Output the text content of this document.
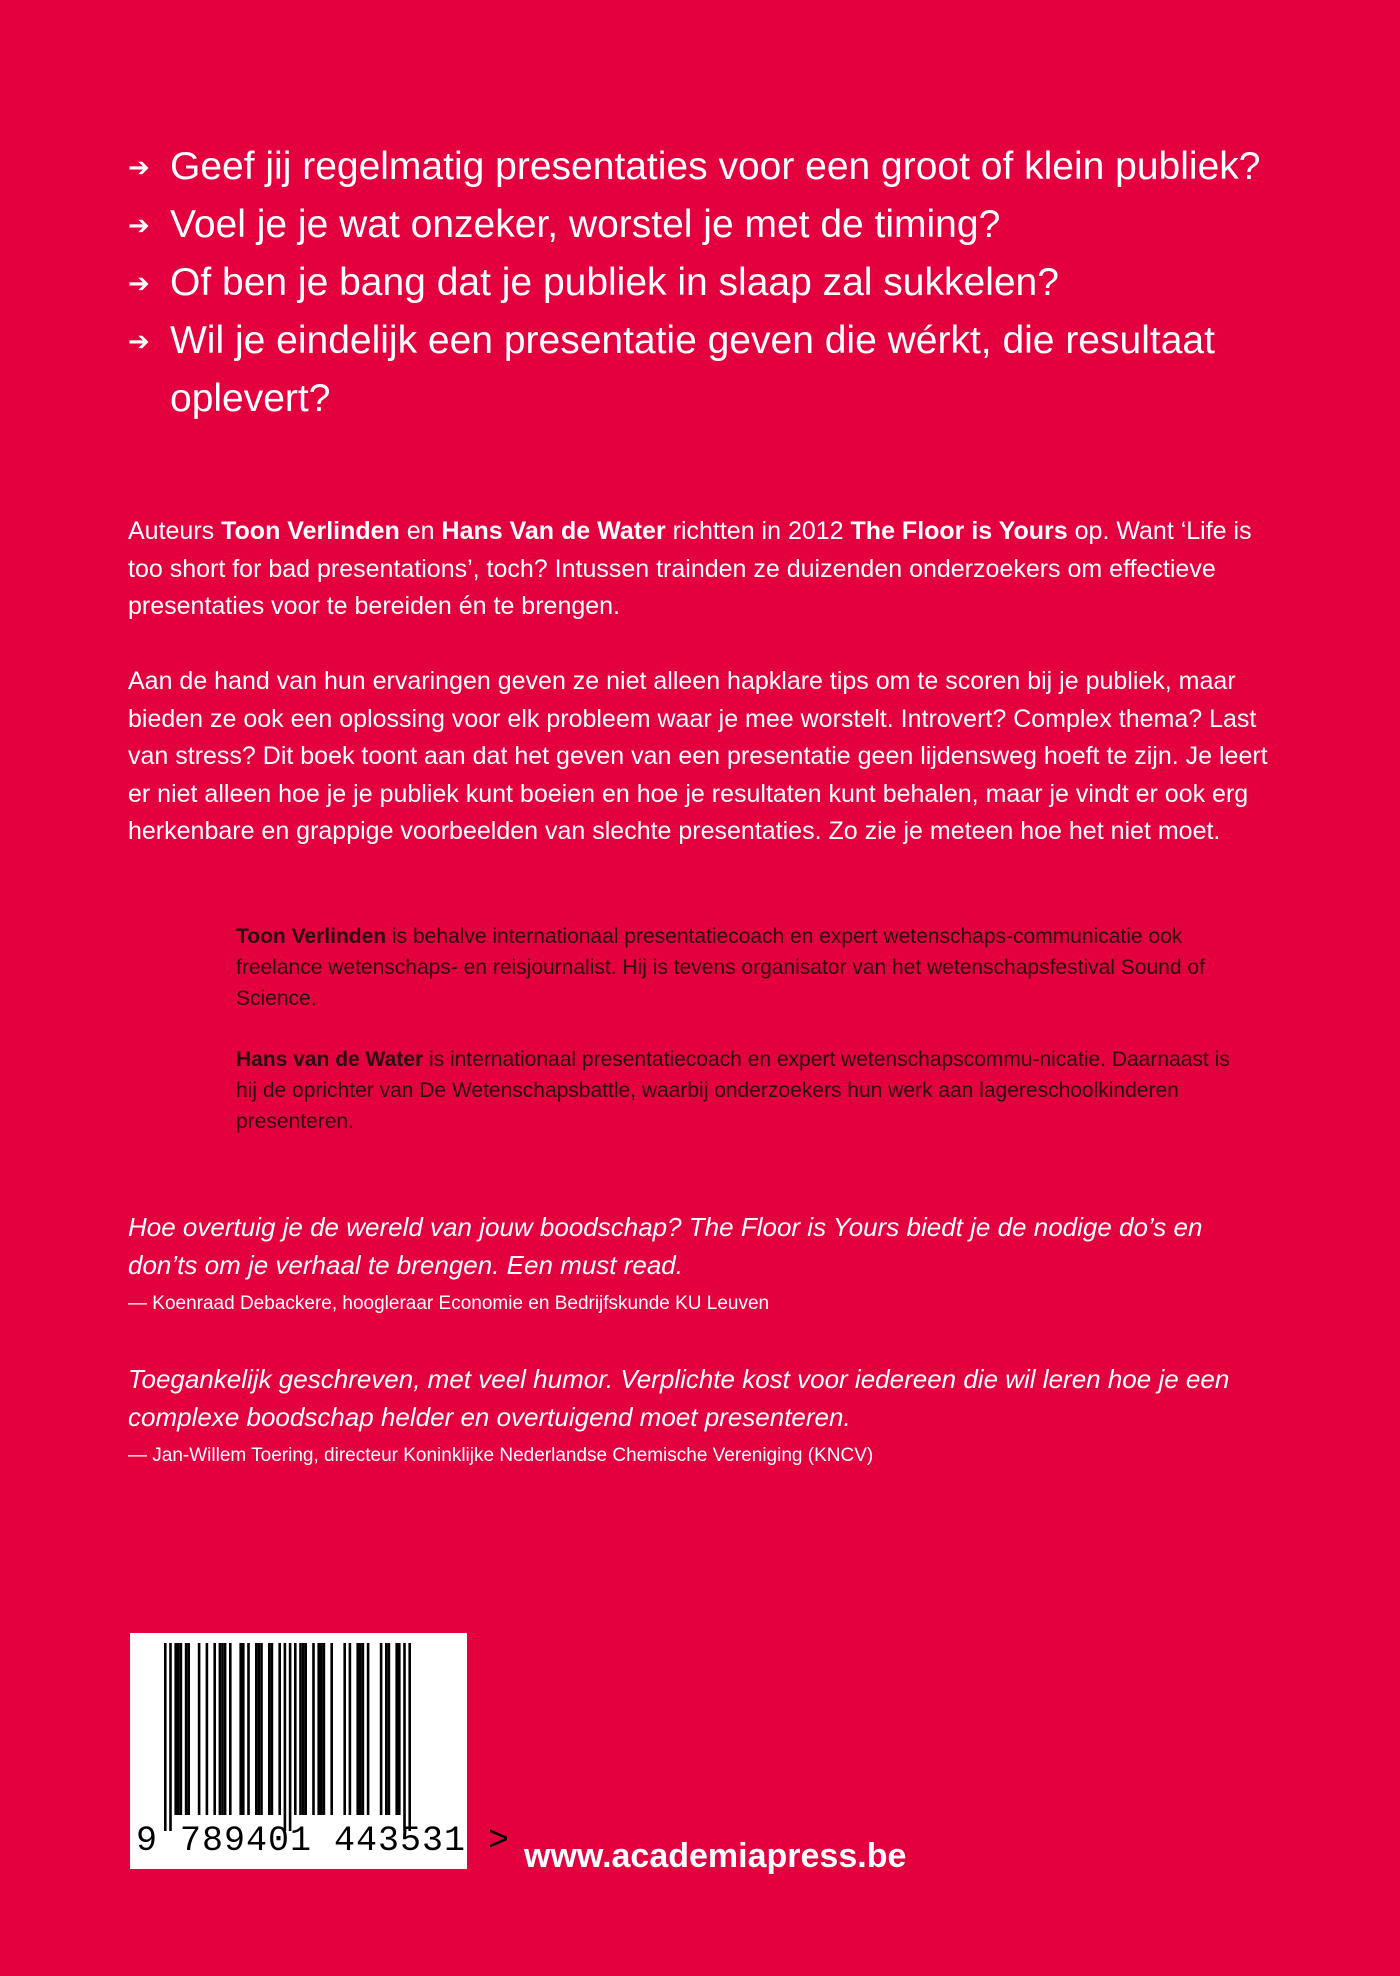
➔ Geef jij regelmatig presentaties voor een groot of klein publiek?
➔ Voel je je wat onzeker, worstel je met de timing?
➔ Of ben je bang dat je publiek in slaap zal sukkelen?
➔ Wil je eindelijk een presentatie geven die wérkt, die resultaat oplevert?

Auteurs Toon Verlinden en Hans Van de Water richtten in 2012 The Floor is Yours op. Want ‘Life is too short for bad presentations’, toch? Intussen trainden ze duizenden onderzoekers om effectieve presentaties voor te bereiden én te brengen.

Aan de hand van hun ervaringen geven ze niet alleen hapklare tips om te scoren bij je publiek, maar bieden ze ook een oplossing voor elk probleem waar je mee worstelt. Introvert? Complex thema? Last van stress? Dit boek toont aan dat het geven van een presentatie geen lijdensweg hoeft te zijn. Je leert er niet alleen hoe je je publiek kunt boeien en hoe je resultaten kunt behalen, maar je vindt er ook erg herkenbare en grappige voorbeelden van slechte presentaties. Zo zie je meteen hoe het niet moet.

Toon Verlinden is behalve internationaal presentatiecoach en expert wetenschaps-communicatie ook freelance wetenschaps- en reisjournalist. Hij is tevens organisator van het wetenschapsfestival Sound of Science.

Hans van de Water is internationaal presentatiecoach en expert wetenschapscommu-nicatie. Daarnaast is hij de oprichter van De Wetenschapsbattle, waarbij onderzoekers hun werk aan lagereschoolkinderen presenteren.

Hoe overtuig je de wereld van jouw boodschap? The Floor is Yours biedt je de nodige do’s en don’ts om je verhaal te brengen. Een must read.

— Koenraad Debackere, hoogleraar Economie en Bedrijfskunde KU Leuven

Toegankelijk geschreven, met veel humor. Verplichte kost voor iedereen die wil leren hoe je een complexe boodschap helder en overtuigend moet presenteren.

— Jan-Willem Toering, directeur Koninklijke Nederlandse Chemische Vereniging (KNCV)

9 789401 443531 > www.academiapress.be
